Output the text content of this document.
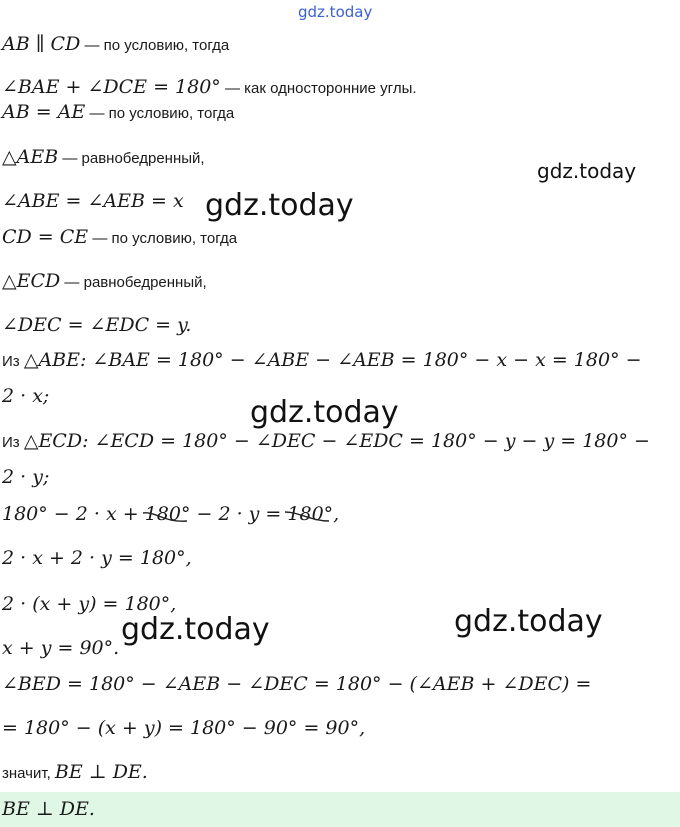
gdz.today
AB ∥ CD — по условию, тогда
∠BAE + ∠DCE = 180° — как односторонние углы.
AB = AE — по условию, тогда
△AEB — равнобедренный,
gdz.today
∠ABE = ∠AEB = x gdz.today
CD = CE — по условию, тогда
△ECD — равнобедренный,
∠DEC = ∠EDC = y.
Из △ABE: ∠BAE = 180° − ∠ABE − ∠AEB = 180° − x − x = 180° −
2 · x;	gdz.today
Из △ECD: ∠ECD = 180° − ∠DEC − ∠EDC = 180° − y − y = 180° −
2 · y;
180° − 2 · x + 180°
− 2 · y = 180°
,
2 · x + 2 · y = 180°,
2 · (x + y) = 180°,	gdz.today
gdz.today
x + y = 90°.
∠BED = 180° − ∠AEB − ∠DEC = 180° − (∠AEB + ∠DEC) =
= 180° − (x + y) = 180° − 90° = 90°,
значит, BE ⊥ DE.
BE ⊥ DE.
